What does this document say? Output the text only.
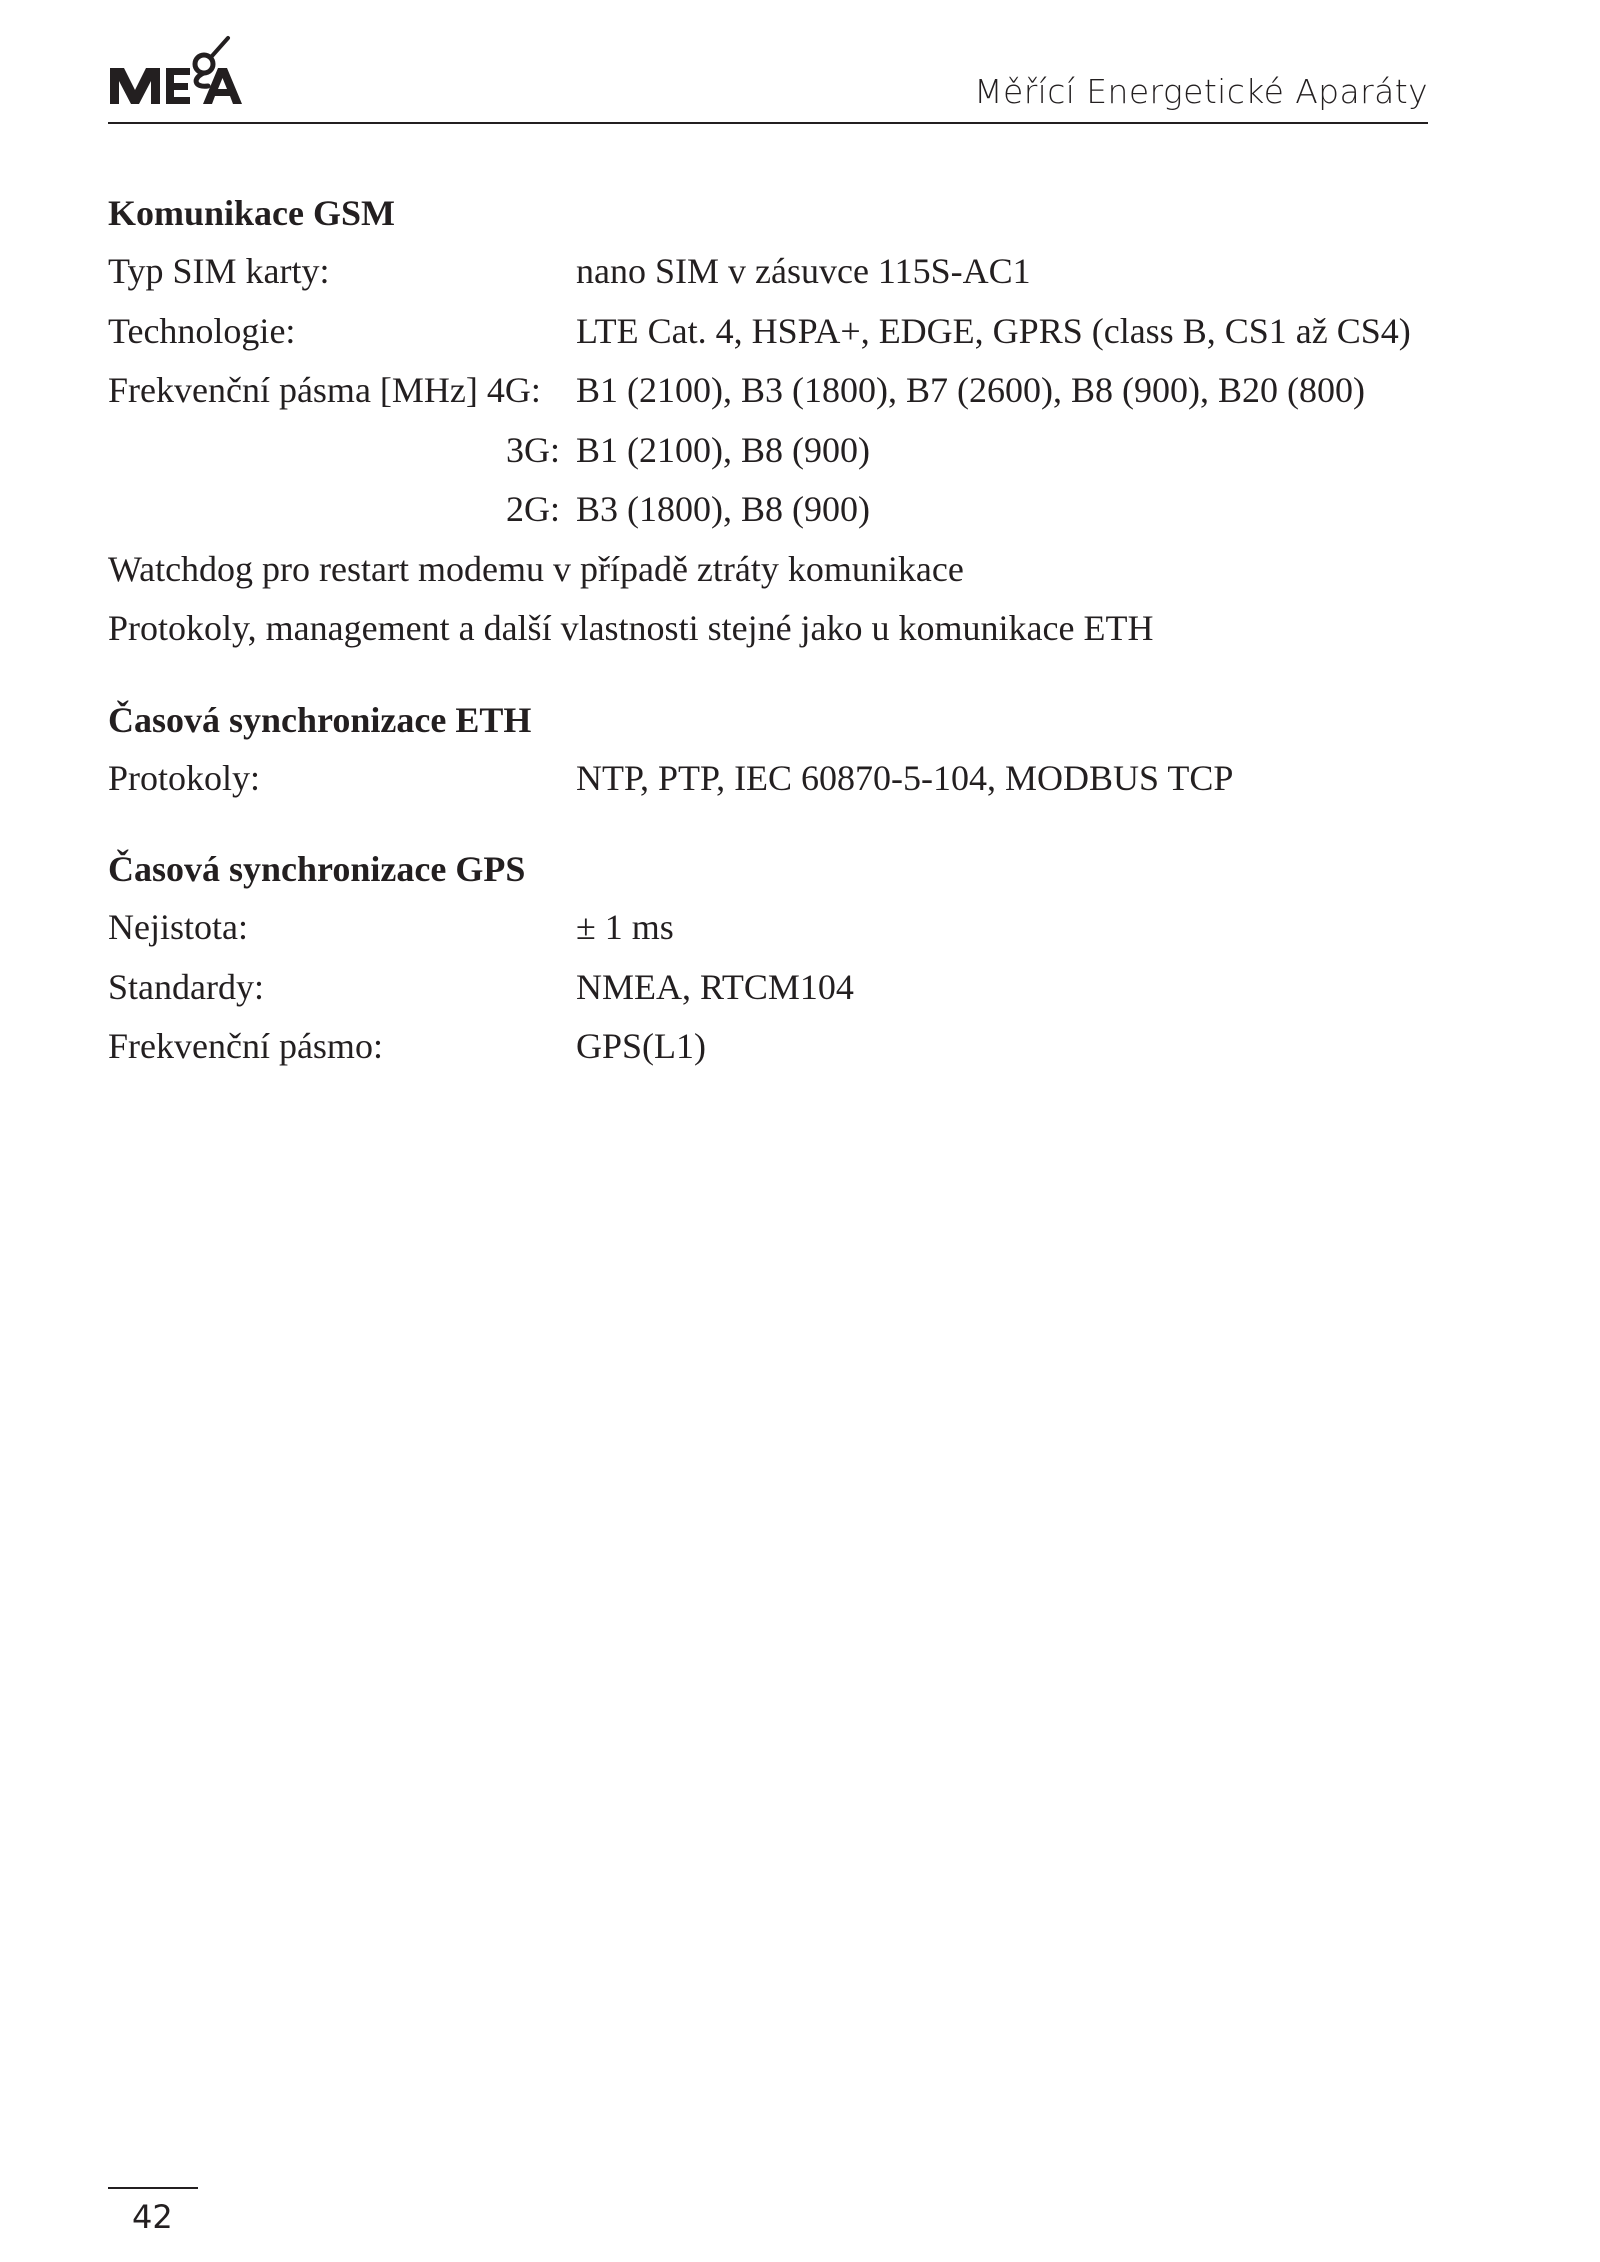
Měřící Energetické Aparáty
Komunikace GSM
Typ SIM karty:	nano SIM v zásuvce 115S-AC1
Technologie:	LTE Cat. 4, HSPA+, EDGE, GPRS (class B, CS1 až CS4)
Frekvenční pásma [MHz] 4G: B1 (2100), B3 (1800), B7 (2600), B8 (900), B20 (800)
3G: B1 (2100), B8 (900)
2G: B3 (1800), B8 (900)
Watchdog pro restart modemu v případě ztráty komunikace
Protokoly, management a další vlastnosti stejné jako u komunikace ETH
Časová synchronizace ETH
Protokoly:	NTP, PTP, IEC 60870-5-104, MODBUS TCP
Časová synchronizace GPS
Nejistota:	± 1 ms
Standardy:	NMEA, RTCM104
Frekvenční pásmo:	GPS(L1)
42
